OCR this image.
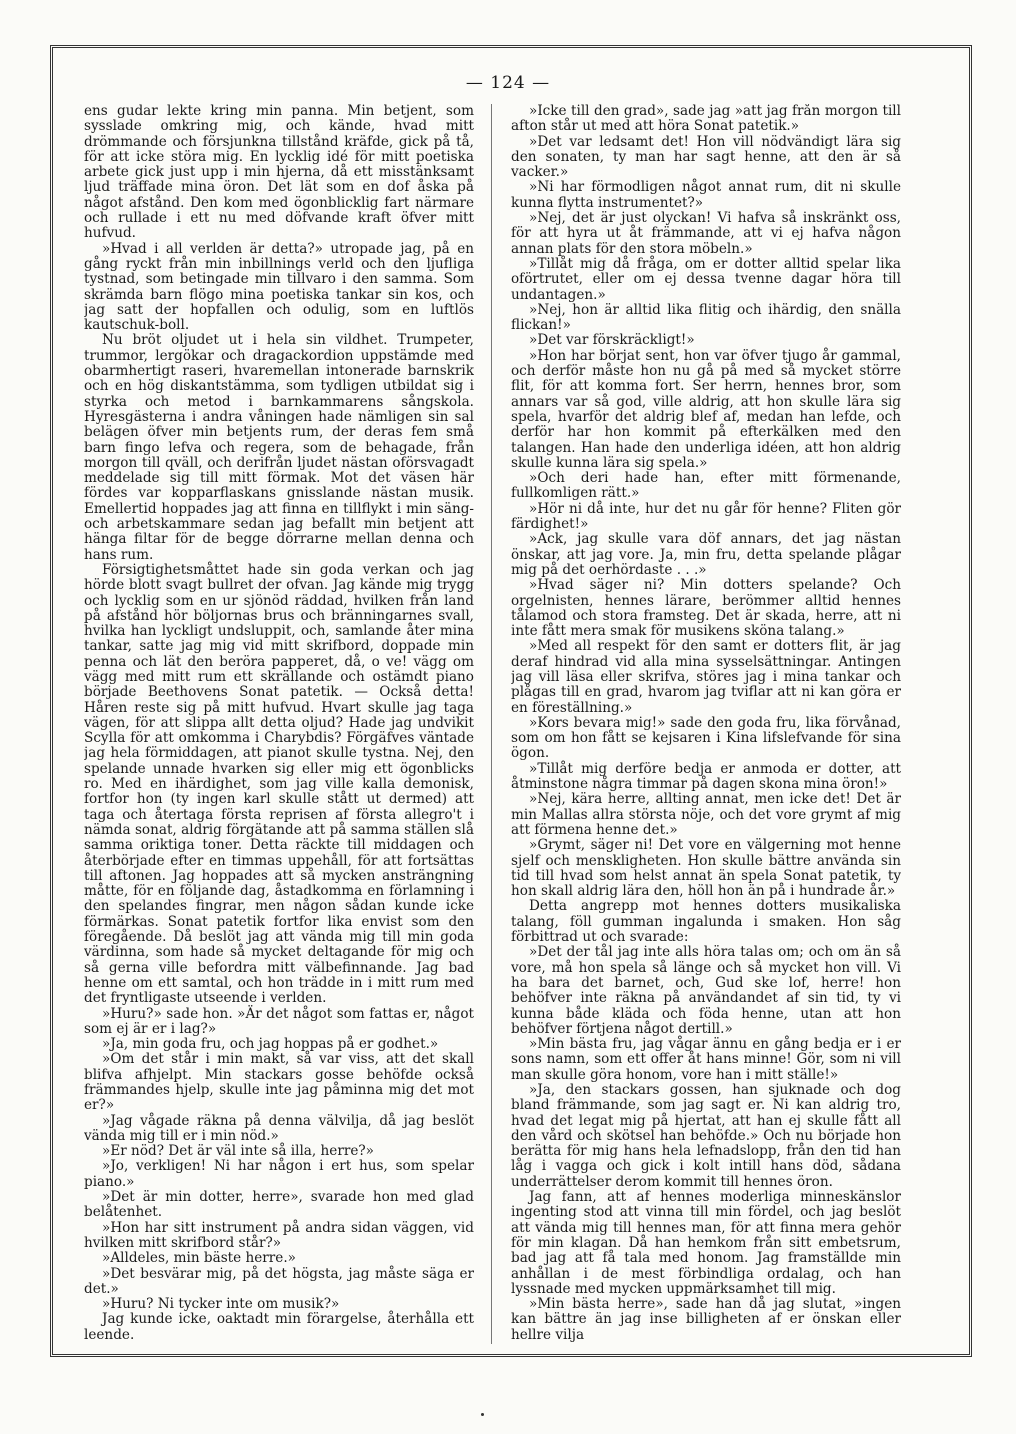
— 124 —

ens gudar lekte kring min panna. Min betjent, som sysslade omkring mig, och kände, hvad mitt drömmande och försjunkna tillstånd kräfde, gick på tå, för att icke störa mig. En lycklig idé för mitt poetiska arbete gick just upp i min hjerna, då ett misstänksamt ljud träffade mina öron. Det lät som en dof åska på något afstånd. Den kom med ögonblicklig fart närmare och rullade i ett nu med döfvande kraft öfver mitt hufvud.

»Hvad i all verlden är detta?» utropade jag, på en gång ryckt från min inbillnings verld och den ljufliga tystnad, som betingade min tillvaro i den samma. Som skrämda barn flögo mina poetiska tankar sin kos, och jag satt der hopfallen och odulig, som en luftlös kautschuk-boll.

Nu bröt oljudet ut i hela sin vildhet. Trumpeter, trummor, lergökar och dragackordion uppstämde med obarmhertigt raseri, hvaremellan intonerade barnskrik och en hög diskantstämma, som tydligen utbildat sig i styrka och metod i barnkammarens sångskola. Hyresgästerna i andra våningen hade nämligen sin sal belägen öfver min betjents rum, der deras fem små barn fingo lefva och regera, som de behagade, från morgon till qväll, och derifrån ljudet nästan oförsvagadt meddelade sig till mitt förmak. Mot det väsen här fördes var kopparflaskans gnisslande nästan musik. Emellertid hoppades jag att finna en tillflykt i min säng- och arbetskammare sedan jag befallt min betjent att hänga filtar för de begge dörrarne mellan denna och hans rum.

Försigtighetsmåttet hade sin goda verkan och jag hörde blott svagt bullret der ofvan. Jag kände mig trygg och lycklig som en ur sjönöd räddad, hvilken från land på afstånd hör böljornas brus och bränningarnes svall, hvilka han lyckligt undsluppit, och, samlande åter mina tankar, satte jag mig vid mitt skrifbord, doppade min penna och lät den beröra papperet, då, o ve! vägg om vägg med mitt rum ett skrällande och ostämdt piano började Beethovens Sonat patetik. — Också detta! Håren reste sig på mitt hufvud. Hvart skulle jag taga vägen, för att slippa allt detta oljud? Hade jag undvikit Scylla för att omkomma i Charybdis? Förgäfves väntade jag hela förmiddagen, att pianot skulle tystna. Nej, den spelande unnade hvarken sig eller mig ett ögonblicks ro. Med en ihärdighet, som jag ville kalla demonisk, fortfor hon (ty ingen karl skulle stått ut dermed) att taga och återtaga första reprisen af första allegro't i nämda sonat, aldrig förgätande att på samma ställen slå samma oriktiga toner. Detta räckte till middagen och återbörjade efter en timmas uppehåll, för att fortsättas till aftonen. Jag hoppades att så mycken ansträngning måtte, för en följande dag, åstadkomma en förlamning i den spelandes fingrar, men någon sådan kunde icke förmärkas. Sonat patetik fortfor lika envist som den föregående. Då beslöt jag att vända mig till min goda värdinna, som hade så mycket deltagande för mig och så gerna ville befordra mitt välbefinnande. Jag bad henne om ett samtal, och hon trädde in i mitt rum med det fryntligaste utseende i verlden.

»Huru?» sade hon. »Är det något som fattas er, något som ej är er i lag?»

»Ja, min goda fru, och jag hoppas på er godhet.»

»Om det står i min makt, så var viss, att det skall blifva afhjelpt. Min stackars gosse behöfde också främmandes hjelp, skulle inte jag påminna mig det mot er?»

»Jag vågade räkna på denna välvilja, då jag beslöt vända mig till er i min nöd.»

»Er nöd? Det är väl inte så illa, herre?»

»Jo, verkligen! Ni har någon i ert hus, som spelar piano.»

»Det är min dotter, herre», svarade hon med glad belåtenhet.

»Hon har sitt instrument på andra sidan väggen, vid hvilken mitt skrifbord står?»

»Alldeles, min bäste herre.»

»Det besvärar mig, på det högsta, jag måste säga er det.»

»Huru? Ni tycker inte om musik?»

Jag kunde icke, oaktadt min förargelse, återhålla ett leende.

»Icke till den grad», sade jag »att jag från morgon till afton står ut med att höra Sonat patetik.»

»Det var ledsamt det! Hon vill nödvändigt lära sig den sonaten, ty man har sagt henne, att den är så vacker.»

»Ni har förmodligen något annat rum, dit ni skulle kunna flytta instrumentet?»

»Nej, det är just olyckan! Vi hafva så inskränkt oss, för att hyra ut åt främmande, att vi ej hafva någon annan plats för den stora möbeln.»

»Tillåt mig då fråga, om er dotter alltid spelar lika oförtrutet, eller om ej dessa tvenne dagar höra till undantagen.»

»Nej, hon är alltid lika flitig och ihärdig, den snälla flickan!»

»Det var förskräckligt!»

»Hon har börjat sent, hon var öfver tjugo år gammal, och derför måste hon nu gå på med så mycket större flit, för att komma fort. Ser herrn, hennes bror, som annars var så god, ville aldrig, att hon skulle lära sig spela, hvarför det aldrig blef af, medan han lefde, och derför har hon kommit på efterkälken med den talangen. Han hade den underliga idéen, att hon aldrig skulle kunna lära sig spela.»

»Och deri hade han, efter mitt förmenande, fullkomligen rätt.»

»Hör ni då inte, hur det nu går för henne? Fliten gör färdighet!»

»Ack, jag skulle vara döf annars, det jag nästan önskar, att jag vore. Ja, min fru, detta spelande plågar mig på det oerhördaste . . .»

»Hvad säger ni? Min dotters spelande? Och orgelnisten, hennes lärare, berömmer alltid hennes tålamod och stora framsteg. Det är skada, herre, att ni inte fått mera smak för musikens sköna talang.»

»Med all respekt för den samt er dotters flit, är jag deraf hindrad vid alla mina sysselsättningar. Antingen jag vill läsa eller skrifva, störes jag i mina tankar och plågas till en grad, hvarom jag tviflar att ni kan göra er en föreställning.»

»Kors bevara mig!» sade den goda fru, lika förvånad, som om hon fått se kejsaren i Kina lifslefvande för sina ögon.

»Tillåt mig derföre bedja er anmoda er dotter, att åtminstone några timmar på dagen skona mina öron!»

»Nej, kära herre, allting annat, men icke det! Det är min Mallas allra största nöje, och det vore grymt af mig att förmena henne det.»

»Grymt, säger ni! Det vore en välgerning mot henne sjelf och menskligheten. Hon skulle bättre använda sin tid till hvad som helst annat än spela Sonat patetik, ty hon skall aldrig lära den, höll hon än på i hundrade år.»

Detta angrepp mot hennes dotters musikaliska talang, föll gumman ingalunda i smaken. Hon såg förbittrad ut och svarade:

»Det der tål jag inte alls höra talas om; och om än så vore, må hon spela så länge och så mycket hon vill. Vi ha bara det barnet, och, Gud ske lof, herre! hon behöfver inte räkna på användandet af sin tid, ty vi kunna både kläda och föda henne, utan att hon behöfver förtjena något dertill.»

»Min bästa fru, jag vågar ännu en gång bedja er i er sons namn, som ett offer åt hans minne! Gör, som ni vill man skulle göra honom, vore han i mitt ställe!»

»Ja, den stackars gossen, han sjuknade och dog bland främmande, som jag sagt er. Ni kan aldrig tro, hvad det legat mig på hjertat, att han ej skulle fått all den vård och skötsel han behöfde.» Och nu började hon berätta för mig hans hela lefnadslopp, från den tid han låg i vagga och gick i kolt intill hans död, sådana underrättelser derom kommit till hennes öron.

Jag fann, att af hennes moderliga minneskänslor ingenting stod att vinna till min fördel, och jag beslöt att vända mig till hennes man, för att finna mera gehör för min klagan. Då han hemkom från sitt embetsrum, bad jag att få tala med honom. Jag framställde min anhållan i de mest förbindliga ordalag, och han lyssnade med mycken uppmärksamhet till mig.

»Min bästa herre», sade han då jag slutat, »ingen kan bättre än jag inse billigheten af er önskan eller hellre vilja
